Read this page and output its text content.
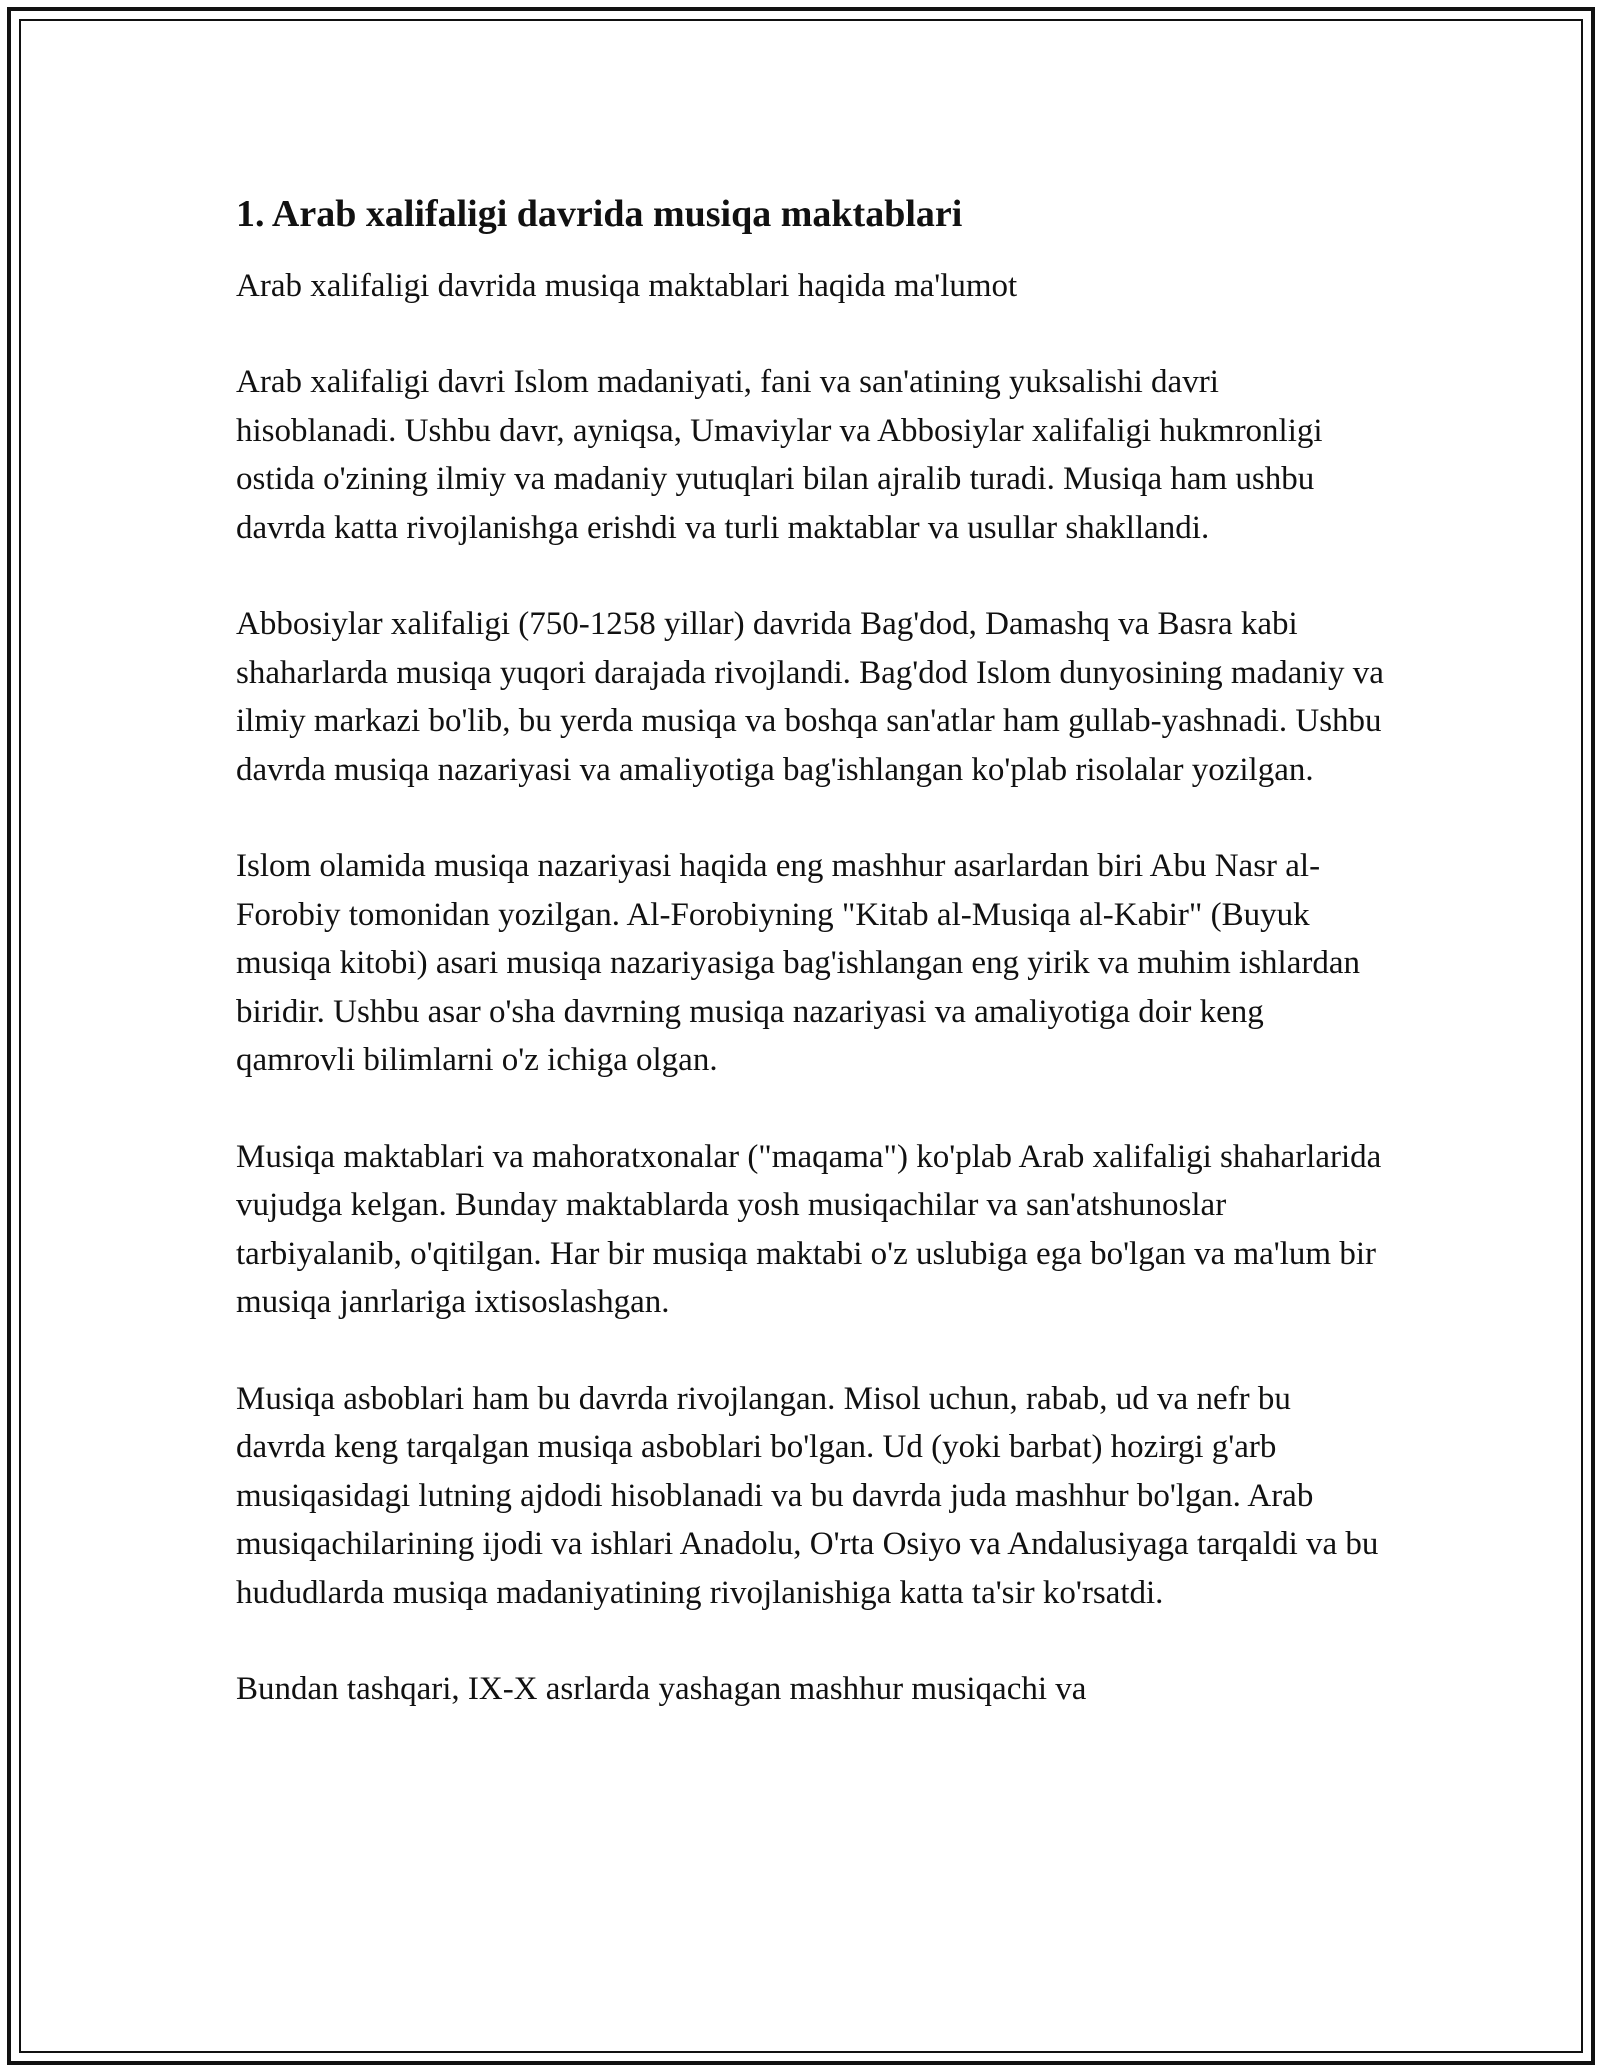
1. Arab xalifaligi davrida musiqa maktablari

Arab xalifaligi davrida musiqa maktablari haqida ma'lumot

Arab xalifaligi davri Islom madaniyati, fani va san'atining yuksalishi davri hisoblanadi. Ushbu davr, ayniqsa, Umaviylar va Abbosiylar xalifaligi hukmronligi ostida o'zining ilmiy va madaniy yutuqlari bilan ajralib turadi. Musiqa ham ushbu davrda katta rivojlanishga erishdi va turli maktablar va usullar shakllandi.

Abbosiylar xalifaligi (750-1258 yillar) davrida Bag'dod, Damashq va Basra kabi shaharlarda musiqa yuqori darajada rivojlandi. Bag'dod Islom dunyosining madaniy va ilmiy markazi bo'lib, bu yerda musiqa va boshqa san'atlar ham gullab-yashnadi. Ushbu davrda musiqa nazariyasi va amaliyotiga bag'ishlangan ko'plab risolalar yozilgan.

Islom olamida musiqa nazariyasi haqida eng mashhur asarlardan biri Abu Nasr al-Forobiy tomonidan yozilgan. Al-Forobiyning "Kitab al-Musiqa al-Kabir" (Buyuk musiqa kitobi) asari musiqa nazariyasiga bag'ishlangan eng yirik va muhim ishlardan biridir. Ushbu asar o'sha davrning musiqa nazariyasi va amaliyotiga doir keng qamrovli bilimlarni o'z ichiga olgan.

Musiqa maktablari va mahoratxonalar ("maqama") ko'plab Arab xalifaligi shaharlarida vujudga kelgan. Bunday maktablarda yosh musiqachilar va san'atshunoslar tarbiyalanib, o'qitilgan. Har bir musiqa maktabi o'z uslubiga ega bo'lgan va ma'lum bir musiqa janrlariga ixtisoslashgan.

Musiqa asboblari ham bu davrda rivojlangan. Misol uchun, rabab, ud va nefr bu davrda keng tarqalgan musiqa asboblari bo'lgan. Ud (yoki barbat) hozirgi g'arb musiqasidagi lutning ajdodi hisoblanadi va bu davrda juda mashhur bo'lgan. Arab musiqachilarining ijodi va ishlari Anadolu, O'rta Osiyo va Andalusiyaga tarqaldi va bu hududlarda musiqa madaniyatining rivojlanishiga katta ta'sir ko'rsatdi.

Bundan tashqari, IX-X asrlarda yashagan mashhur musiqachi va
